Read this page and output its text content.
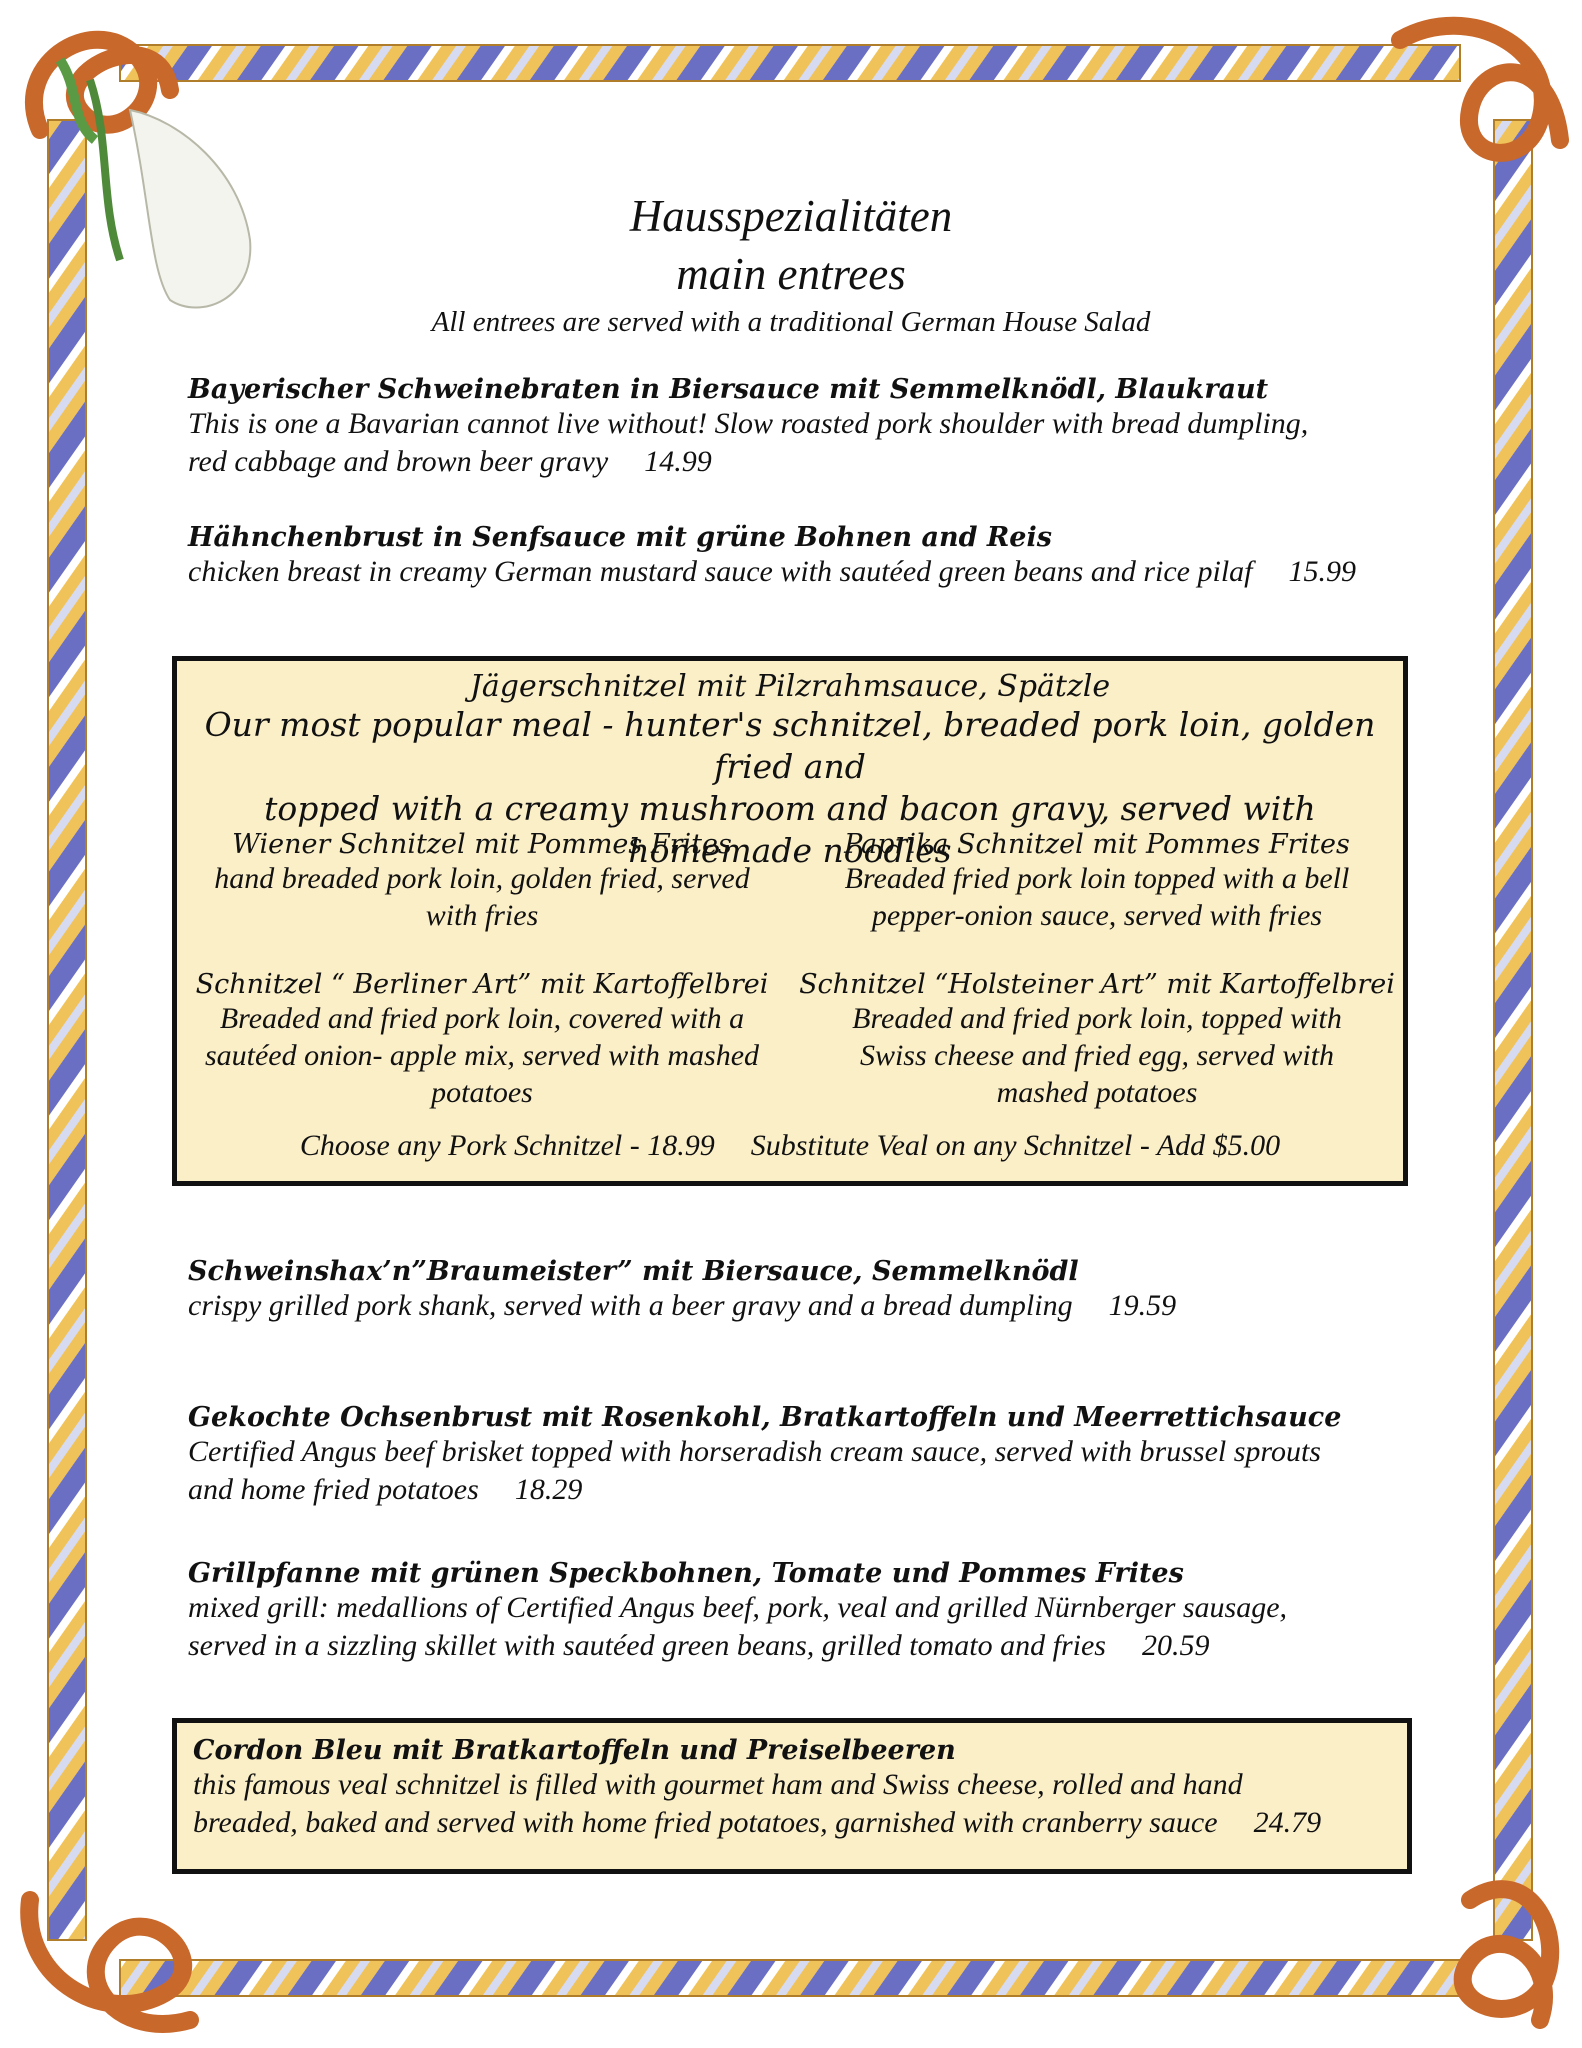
Hausspezialitäten
main entrees
All entrees are served with a traditional German House Salad
Bayerischer Schweinebraten in Biersauce mit Semmelknödl, Blaukraut
This is one a Bavarian cannot live without! Slow roasted pork shoulder with bread dumpling,
red cabbage and brown beer gravy 14.99
Hähnchenbrust in Senfsauce mit grüne Bohnen and Reis
chicken breast in creamy German mustard sauce with sautéed green beans and rice pilaf 15.99
Jägerschnitzel mit Pilzrahmsauce, Spätzle
Our most popular meal - hunter's schnitzel, breaded pork loin, golden fried and
topped with a creamy mushroom and bacon gravy, served with homemade noodles
Wiener Schnitzel mit Pommes Frites
hand breaded pork loin, golden fried, served
with fries
Paprika Schnitzel mit Pommes Frites
Breaded fried pork loin topped with a bell
pepper-onion sauce, served with fries
Schnitzel “ Berliner Art” mit Kartoffelbrei
Breaded and fried pork loin, covered with a
sautéed onion- apple mix, served with mashed
potatoes
Schnitzel “Holsteiner Art” mit Kartoffelbrei
Breaded and fried pork loin, topped with
Swiss cheese and fried egg, served with
mashed potatoes
Choose any Pork Schnitzel - 18.99 Substitute Veal on any Schnitzel - Add $5.00
Schweinshax’n”Braumeister” mit Biersauce, Semmelknödl
crispy grilled pork shank, served with a beer gravy and a bread dumpling 19.59
Gekochte Ochsenbrust mit Rosenkohl, Bratkartoffeln und Meerrettichsauce
Certified Angus beef brisket topped with horseradish cream sauce, served with brussel sprouts
and home fried potatoes 18.29
Grillpfanne mit grünen Speckbohnen, Tomate und Pommes Frites
mixed grill: medallions of Certified Angus beef, pork, veal and grilled Nürnberger sausage,
served in a sizzling skillet with sautéed green beans, grilled tomato and fries 20.59
Cordon Bleu mit Bratkartoffeln und Preiselbeeren
this famous veal schnitzel is filled with gourmet ham and Swiss cheese, rolled and hand
breaded, baked and served with home fried potatoes, garnished with cranberry sauce 24.79
